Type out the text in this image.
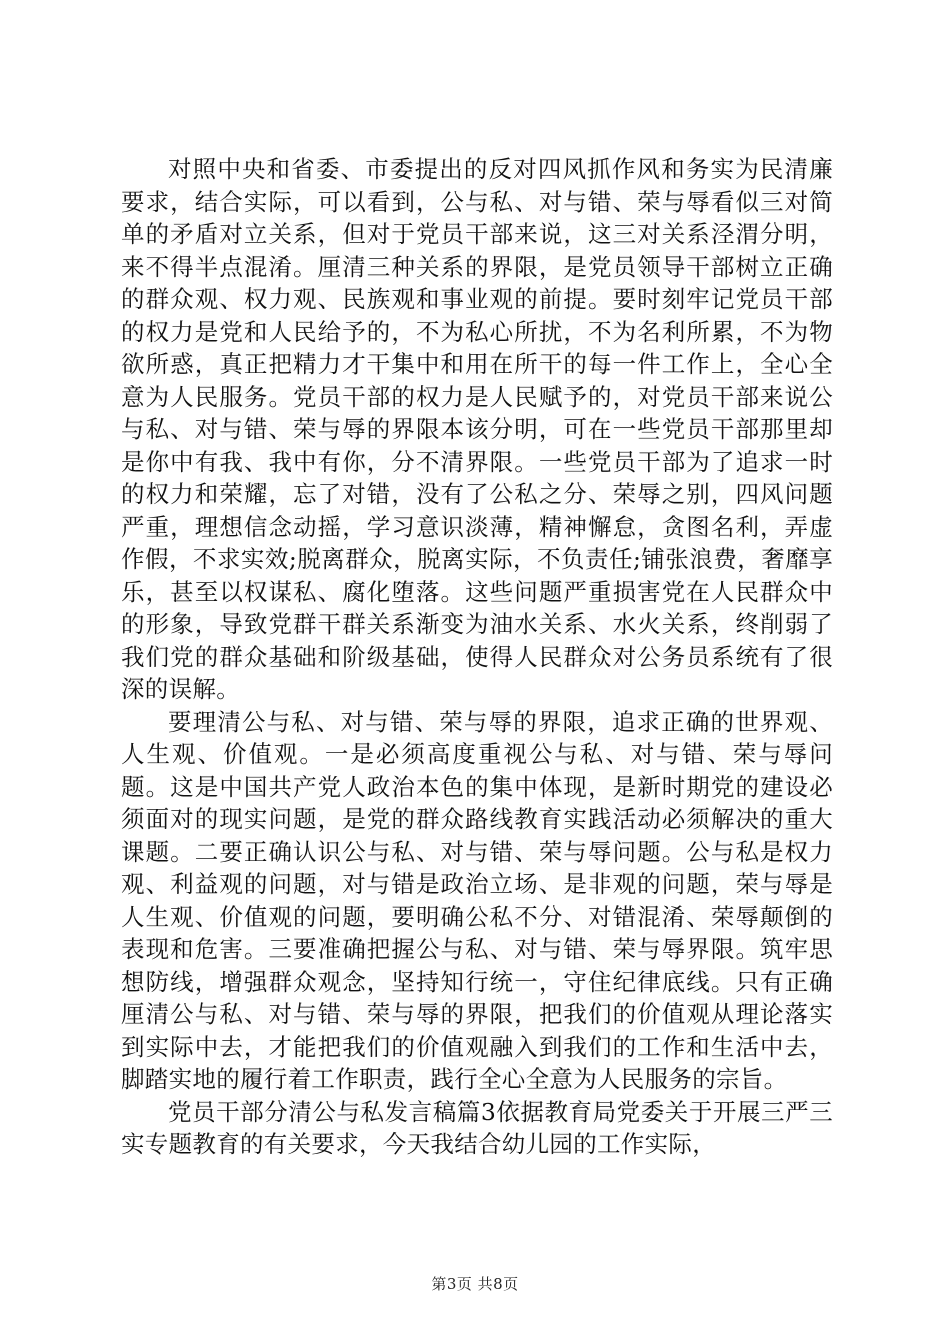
对照中央和省委、市委提出的反对四风抓作风和务实为民清廉要求，结合实际，可以看到，公与私、对与错、荣与辱看似三对简单的矛盾对立关系，但对于党员干部来说，这三对关系泾渭分明，来不得半点混淆。厘清三种关系的界限，是党员领导干部树立正确的群众观、权力观、民族观和事业观的前提。要时刻牢记党员干部的权力是党和人民给予的，不为私心所扰，不为名利所累，不为物欲所惑，真正把精力才干集中和用在所干的每一件工作上，全心全意为人民服务。党员干部的权力是人民赋予的，对党员干部来说公与私、对与错、荣与辱的界限本该分明，可在一些党员干部那里却是你中有我、我中有你，分不清界限。一些党员干部为了追求一时的权力和荣耀，忘了对错，没有了公私之分、荣辱之别，四风问题严重，理想信念动摇，学习意识淡薄，精神懈怠，贪图名利，弄虚作假，不求实效;脱离群众，脱离实际，不负责任;铺张浪费，奢靡享乐，甚至以权谋私、腐化堕落。这些问题严重损害党在人民群众中的形象，导致党群干群关系渐变为油水关系、水火关系，终削弱了我们党的群众基础和阶级基础，使得人民群众对公务员系统有了很深的误解。

要理清公与私、对与错、荣与辱的界限，追求正确的世界观、人生观、价值观。一是必须高度重视公与私、对与错、荣与辱问题。这是中国共产党人政治本色的集中体现，是新时期党的建设必须面对的现实问题，是党的群众路线教育实践活动必须解决的重大课题。二要正确认识公与私、对与错、荣与辱问题。公与私是权力观、利益观的问题，对与错是政治立场、是非观的问题，荣与辱是人生观、价值观的问题，要明确公私不分、对错混淆、荣辱颠倒的表现和危害。三要准确把握公与私、对与错、荣与辱界限。筑牢思想防线，增强群众观念，坚持知行统一，守住纪律底线。只有正确厘清公与私、对与错、荣与辱的界限，把我们的价值观从理论落实到实际中去，才能把我们的价值观融入到我们的工作和生活中去，脚踏实地的履行着工作职责，践行全心全意为人民服务的宗旨。

党员干部分清公与私发言稿篇3依据教育局党委关于开展三严三实专题教育的有关要求，今天我结合幼儿园的工作实际，

第3页 共8页
